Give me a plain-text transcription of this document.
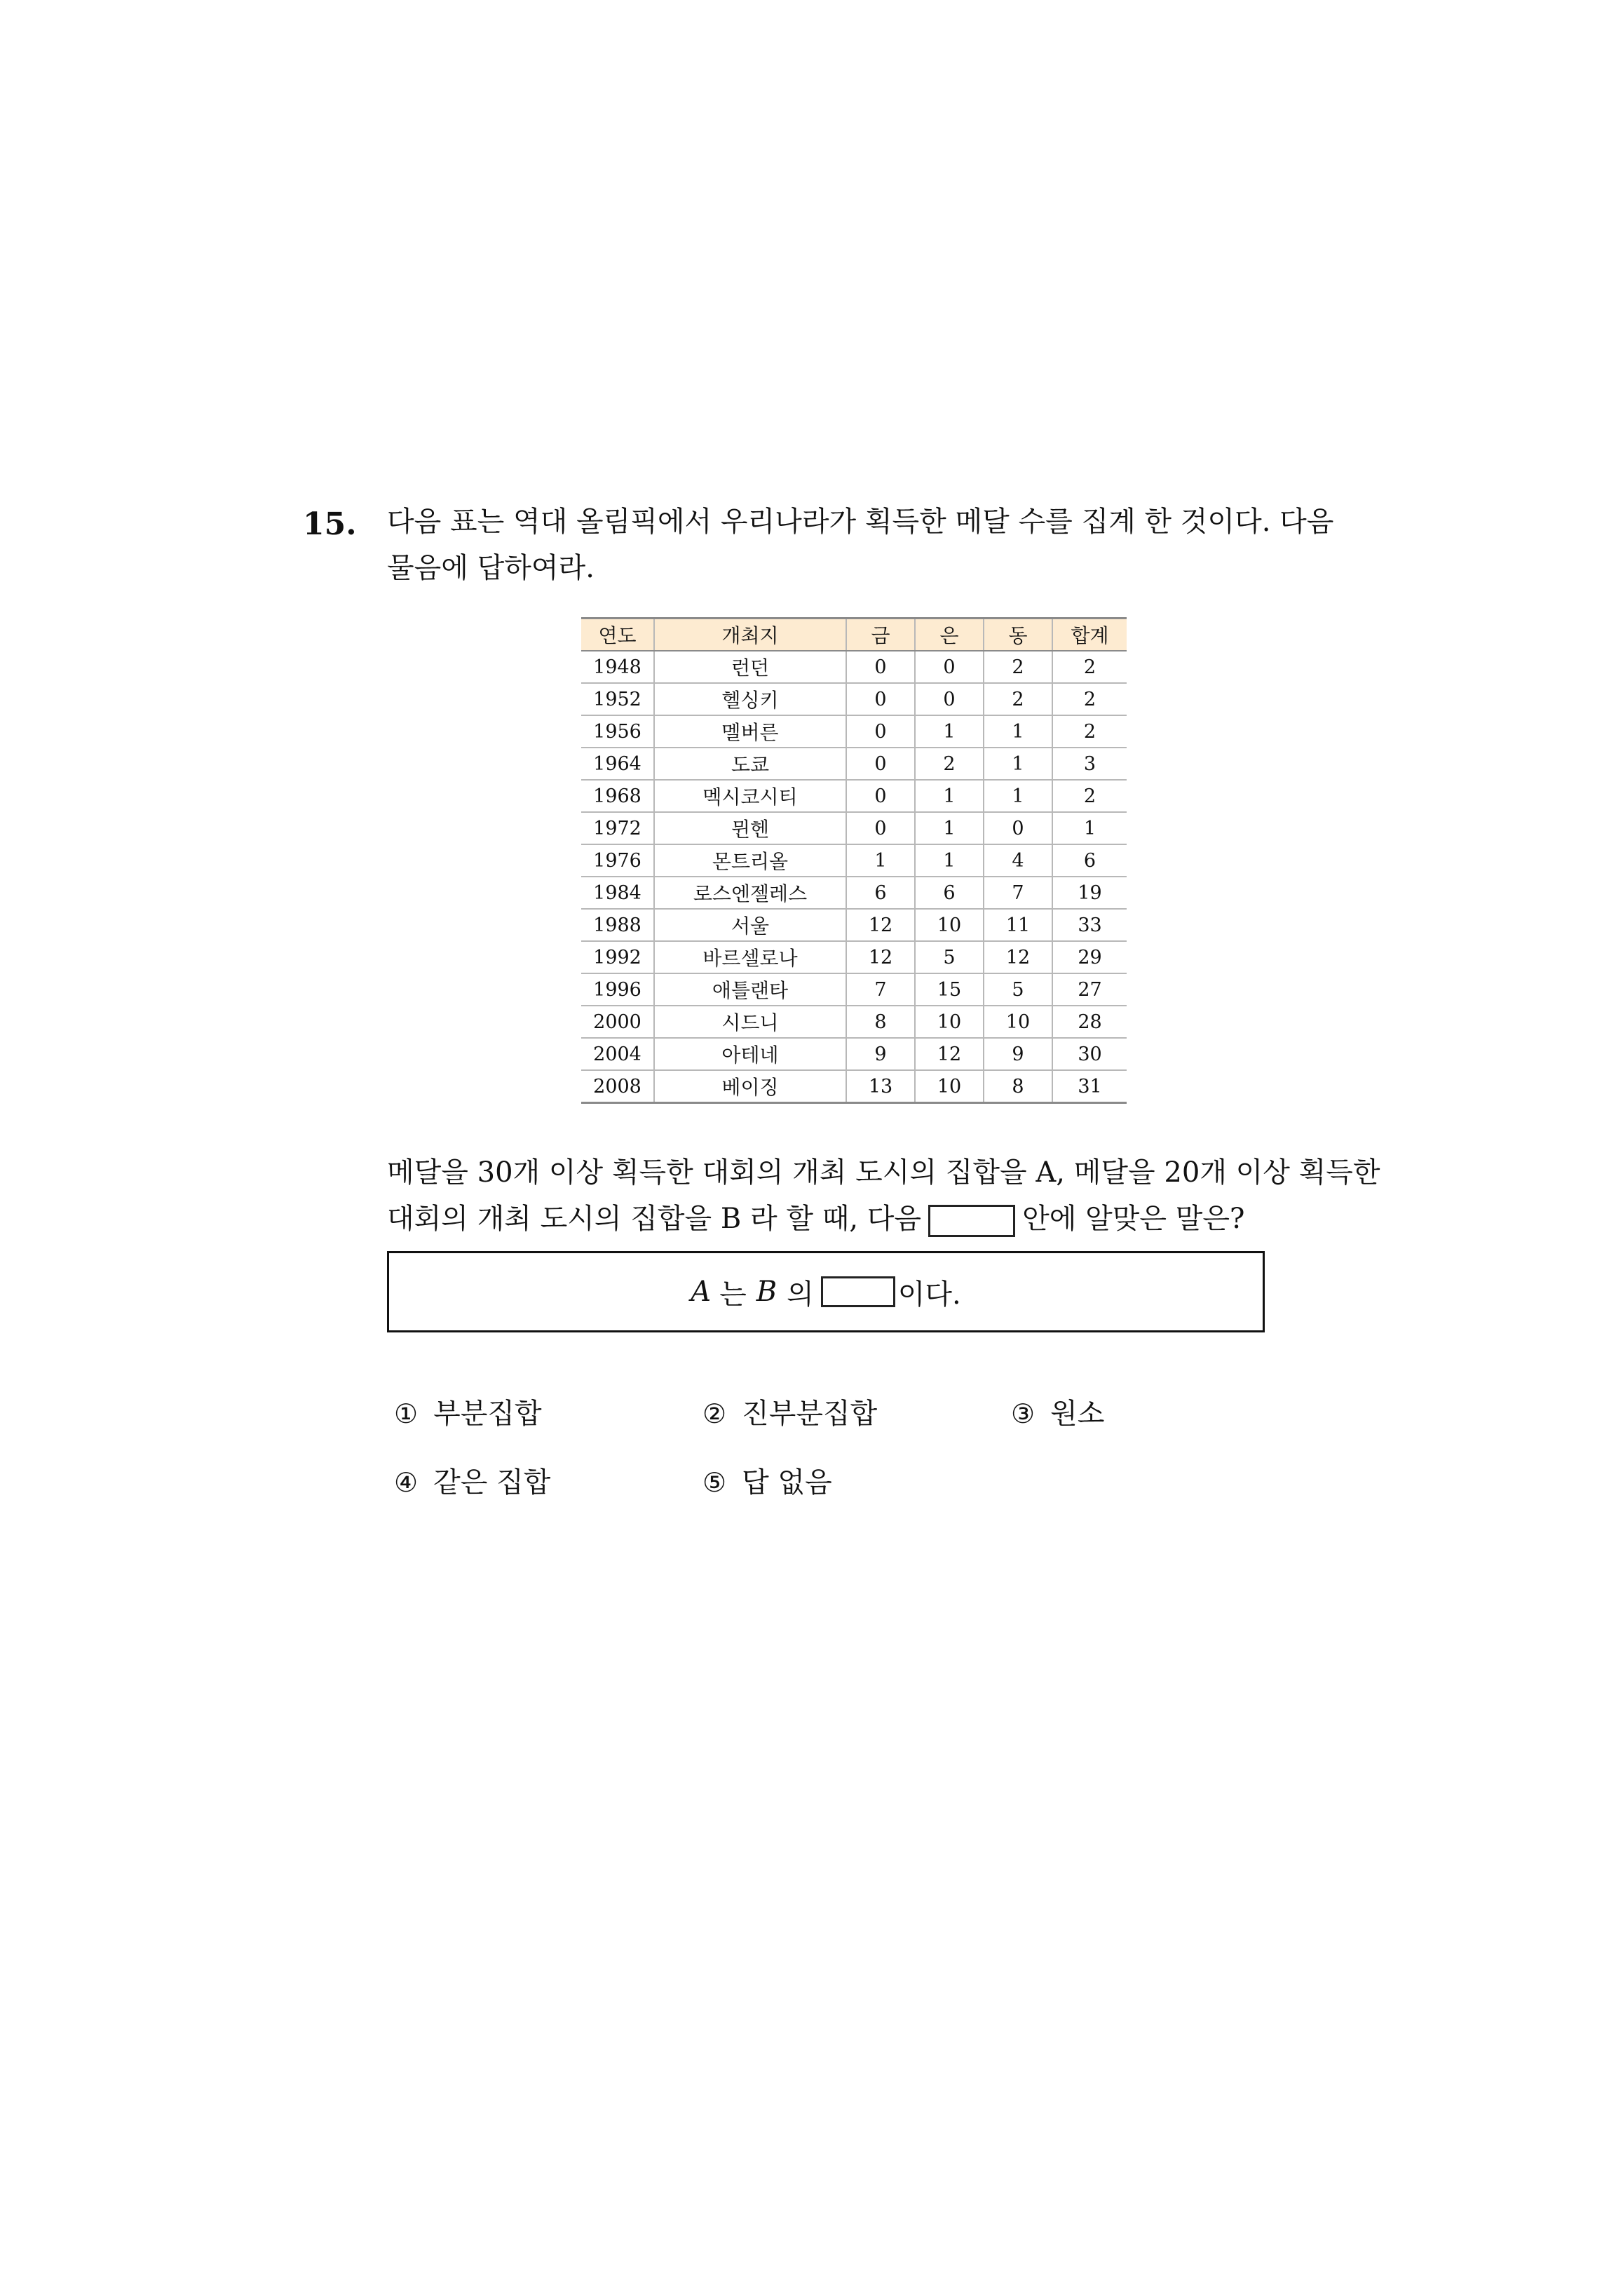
15. 다음 표는 역대 올림픽에서 우리나라가 획득한 메달 수를 집계 한 것이다. 다음
물음에 답하여라.
연도	개최지	금	은	동	합계
1948	런던	0	0	2	2
1952	헬싱키	0	0	2	2
1956	멜버른	0	1	1	2
1964	도쿄	0	2	1	3
1968	멕시코시티	0	1	1	2
1972	뮌헨	0	1	0	1
1976	몬트리올	1	1	4	6
1984	로스엔젤레스	6	6	7	19
1988	서울	12	10	11	33
1992	바르셀로나	12	5	12	29
1996	애틀랜타	7	15	5	27
2000	시드니	8	10	10	28
2004	아테네	9	12	9	30
2008	베이징	13	10	8	31
메달을 30개 이상 획득한 대회의 개최 도시의 집합을 A, 메달을 20개 이상 획득한
대회의 개최 도시의 집합을 B 라 할 때, 다음	안에 알맞은 말은?
A 는 B 의	이다.
① 부분집합	② 진부분집합	③ 원소
④ 같은 집합	⑤ 답 없음
